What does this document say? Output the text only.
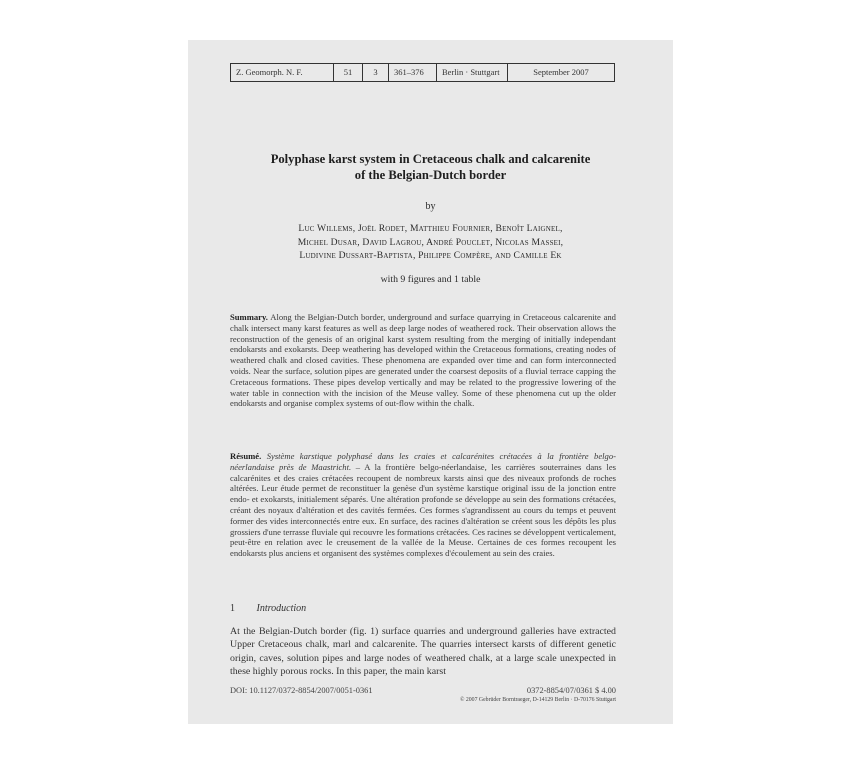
Z. Geomorph. N. F.	51	3	361–376	Berlin · Stuttgart	September 2007
Polyphase karst system in Cretaceous chalk and calcarenite
of the Belgian-Dutch border
by
Luc Willems, Joël Rodet, Matthieu Fournier, Benoît Laignel,
Michel Dusar, David Lagrou, André Pouclet, Nicolas Massei,
Ludivine Dussart-Baptista, Philippe Compère, and Camille Ek
with 9 figures and 1 table
Summary. Along the Belgian-Dutch border, underground and surface quarrying in Cretaceous calcarenite and chalk intersect many karst features as well as deep large nodes of weathered rock. Their observation allows the reconstruction of the genesis of an original karst system resulting from the merging of initially independant endokarsts and exokarsts. Deep weathering has developed within the Cretaceous formations, creating nodes of weathered chalk and closed cavities. These phenomena are expanded over time and can form interconnected voids. Near the surface, solution pipes are generated under the coarsest deposits of a fluvial terrace capping the Cretaceous formations. These pipes develop vertically and may be related to the progressive lowering of the water table in connection with the incision of the Meuse valley. Some of these phenomena cut up the older endokarsts and organise complex systems of out-flow within the chalk.
Résumé. Système karstique polyphasé dans les craies et calcarénites crétacées à la frontière belgo-néerlandaise près de Maastricht. – A la frontière belgo-néerlandaise, les carrières souterraines dans les calcarénites et des craies crétacées recoupent de nombreux karsts ainsi que des niveaux profonds de roches altérées. Leur étude permet de reconstituer la genèse d'un système karstique original issu de la jonction entre endo- et exokarsts, initialement séparés. Une altération profonde se développe au sein des formations crétacées, créant des noyaux d'altération et des cavités fermées. Ces formes s'agrandissent au cours du temps et peuvent former des vides interconnectés entre eux. En surface, des racines d'altération se créent sous les dépôts les plus grossiers d'une terrasse fluviale qui recouvre les formations crétacées. Ces racines se développent verticalement, peut-être en relation avec le creusement de la vallée de la Meuse. Certaines de ces formes recoupent les endokarsts plus anciens et organisent des systèmes complexes d'écoulement au sein des craies.
1 Introduction
At the Belgian-Dutch border (fig. 1) surface quarries and underground galleries have extracted Upper Cretaceous chalk, marl and calcarenite. The quarries intersect karsts of different genetic origin, caves, solution pipes and large nodes of weathered chalk, at a large scale unexpected in these highly porous rocks. In this paper, the main karst
DOI: 10.1127/0372-8854/2007/0051-0361	0372-8854/07/0361 $ 4.00
© 2007 Gebrüder Borntraeger, D-14129 Berlin · D-70176 Stuttgart
